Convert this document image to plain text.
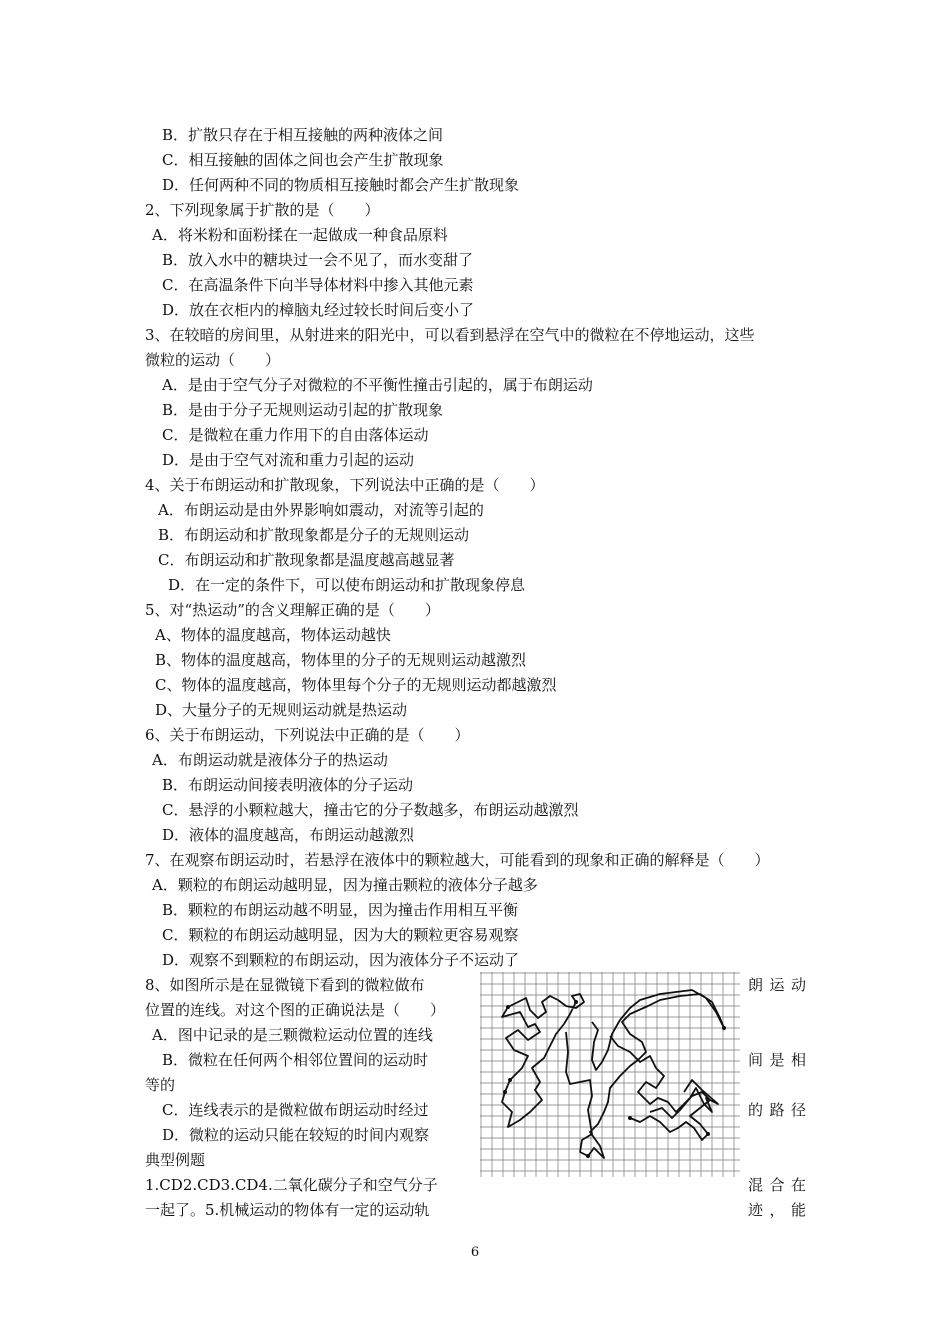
B．扩散只存在于相互接触的两种液体之间
C．相互接触的固体之间也会产生扩散现象
D．任何两种不同的物质相互接触时都会产生扩散现象
2、下列现象属于扩散的是（　　）
A．将米粉和面粉揉在一起做成一种食品原料
B．放入水中的糖块过一会不见了，而水变甜了
C．在高温条件下向半导体材料中掺入其他元素
D．放在衣柜内的樟脑丸经过较长时间后变小了
3、在较暗的房间里，从射进来的阳光中，可以看到悬浮在空气中的微粒在不停地运动，这些
微粒的运动（　　）
A．是由于空气分子对微粒的不平衡性撞击引起的，属于布朗运动
B．是由于分子无规则运动引起的扩散现象
C．是微粒在重力作用下的自由落体运动
D．是由于空气对流和重力引起的运动
4、关于布朗运动和扩散现象，下列说法中正确的是（　　）
A．布朗运动是由外界影响如震动，对流等引起的
B．布朗运动和扩散现象都是分子的无规则运动
C．布朗运动和扩散现象都是温度越高越显著
D．在一定的条件下，可以使布朗运动和扩散现象停息
5、对“热运动”的含义理解正确的是（　　）
A、物体的温度越高，物体运动越快
B、物体的温度越高，物体里的分子的无规则运动越激烈
C、物体的温度越高，物体里每个分子的无规则运动都越激烈
D、大量分子的无规则运动就是热运动
6、关于布朗运动，下列说法中正确的是（　　）
A．布朗运动就是液体分子的热运动
B．布朗运动间接表明液体的分子运动
C．悬浮的小颗粒越大，撞击它的分子数越多，布朗运动越激烈
D．液体的温度越高，布朗运动越激烈
7、在观察布朗运动时，若悬浮在液体中的颗粒越大，可能看到的现象和正确的解释是（　　）
A．颗粒的布朗运动越明显，因为撞击颗粒的液体分子越多
B．颗粒的布朗运动越不明显，因为撞击作用相互平衡
C．颗粒的布朗运动越明显，因为大的颗粒更容易观察
D．观察不到颗粒的布朗运动，因为液体分子不运动了
8、如图所示是在显微镜下看到的微粒做布
位置的连线。对这个图的正确说法是（　　）
A．图中记录的是三颗微粒运动位置的连线
B．微粒在任何两个相邻位置间的运动时
等的
C．连线表示的是微粒做布朗运动时经过
D．微粒的运动只能在较短的时间内观察
典型例题
1.CD2.CD3.CD4.二氧化碳分子和空气分子
一起了。5.机械运动的物体有一定的运动轨
朗运动
间是相
的路径
混合在
迹，能
6
